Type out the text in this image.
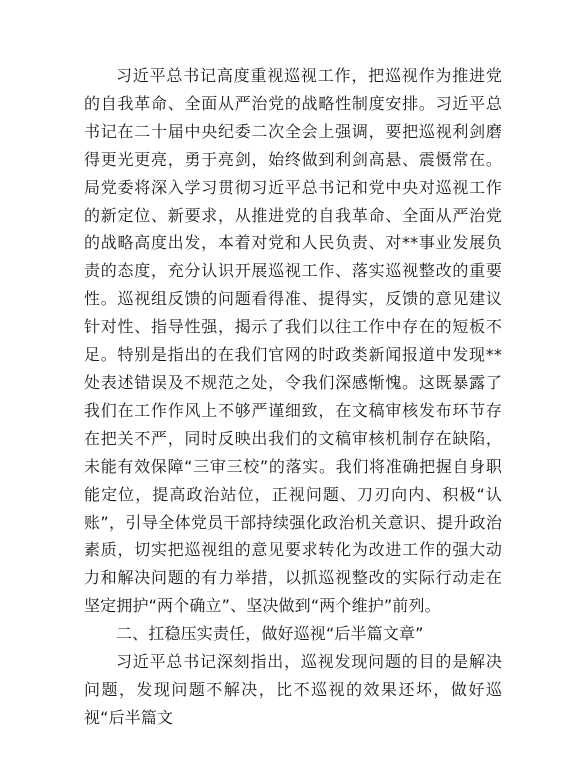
习近平总书记高度重视巡视工作，把巡视作为推进党的自我革命、全面从严治党的战略性制度安排。习近平总书记在二十届中央纪委二次全会上强调，要把巡视利剑磨得更光更亮，勇于亮剑，始终做到利剑高悬、震慑常在。局党委将深入学习贯彻习近平总书记和党中央对巡视工作的新定位、新要求，从推进党的自我革命、全面从严治党的战略高度出发，本着对党和人民负责、对**事业发展负责的态度，充分认识开展巡视工作、落实巡视整改的重要性。巡视组反馈的问题看得准、提得实，反馈的意见建议针对性、指导性强，揭示了我们以往工作中存在的短板不足。特别是指出的在我们官网的时政类新闻报道中发现**处表述错误及不规范之处，令我们深感惭愧。这既暴露了我们在工作作风上不够严谨细致，在文稿审核发布环节存在把关不严，同时反映出我们的文稿审核机制存在缺陷，未能有效保障“三审三校”的落实。我们将准确把握自身职能定位，提高政治站位，正视问题、刀刃向内、积极“认账”，引导全体党员干部持续强化政治机关意识、提升政治素质，切实把巡视组的意见要求转化为改进工作的强大动力和解决问题的有力举措，以抓巡视整改的实际行动走在坚定拥护“两个确立”、坚决做到“两个维护”前列。

二、扛稳压实责任，做好巡视“后半篇文章”

习近平总书记深刻指出，巡视发现问题的目的是解决问题，发现问题不解决，比不巡视的效果还坏，做好巡视“后半篇文
